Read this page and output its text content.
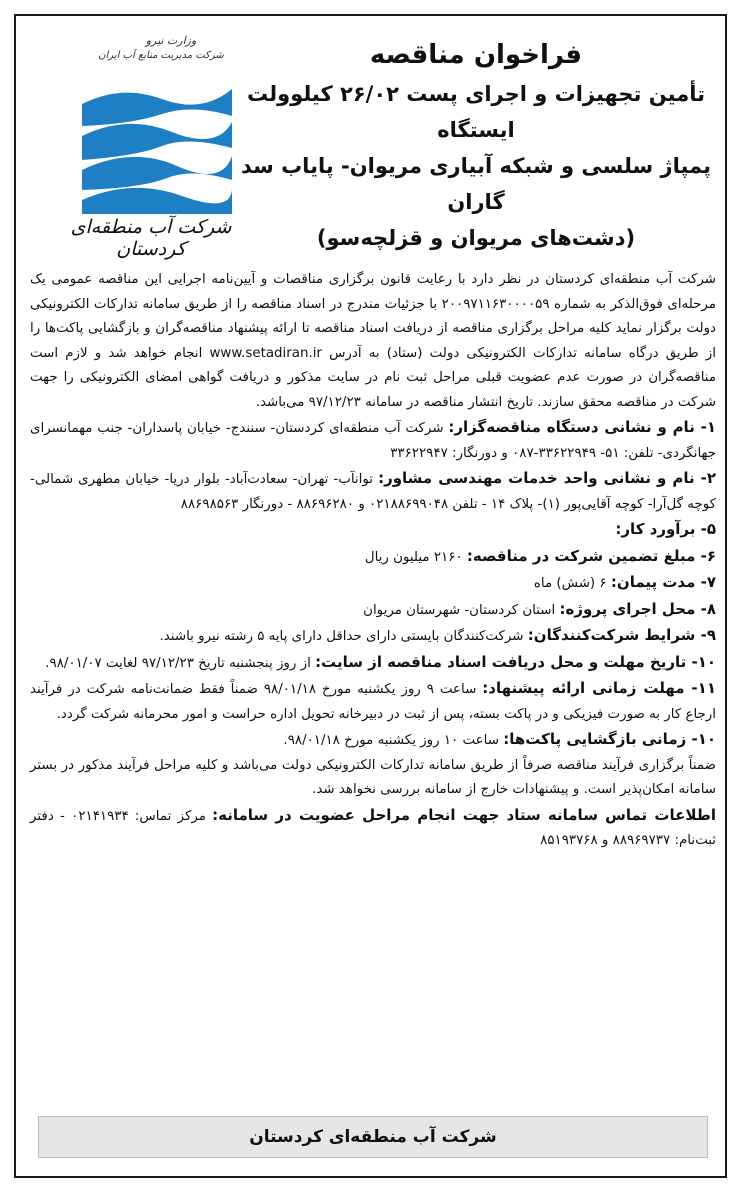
وزارت نیرو
شرکت مدیریت منابع آب ایران
شرکت آب منطقه‌ای کردستان
فراخوان مناقصه
تأمین تجهیزات و اجرای پست ۲۶/۰۲ کیلوولت ایستگاه
پمپاژ سلسی و شبکه آبیاری مریوان- پایاب سد گاران
(دشت‌های مریوان و قزلچه‌سو)

شرکت آب منطقه‌ای کردستان در نظر دارد با رعایت قانون برگزاری مناقصات و آیین‌نامه اجرایی این مناقصه عمومی یک مرحله‌ای فوق‌الذکر به شماره ۲۰۰۹۷۱۱۶۳۰۰۰۰۵۹ با جزئیات مندرج در اسناد مناقصه را از طریق سامانه تدارکات الکترونیکی دولت برگزار نماید کلیه مراحل برگزاری مناقصه از دریافت اسناد مناقصه تا ارائه پیشنهاد مناقصه‌گران و بازگشایی پاکت‌ها را از طریق درگاه سامانه تدارکات الکترونیکی دولت (ستاد) به آدرس www.setadiran.ir انجام خواهد شد و لازم است مناقصه‌گران در صورت عدم عضویت قبلی مراحل ثبت نام در سایت مذکور و دریافت گواهی امضای الکترونیکی را جهت شرکت در مناقصه محقق سازند. تاریخ انتشار مناقصه در سامانه ۹۷/۱۲/۲۳ می‌باشد.

۱- نام و نشانی دستگاه مناقصه‌گزار: شرکت آب منطقه‌ای کردستان- سنندج- خیابان پاسداران- جنب مهمانسرای جهانگردی- تلفن: ۵۱- ۳۳۶۲۲۹۴۹-۰۸۷ و دورنگار: ۳۳۶۲۲۹۴۷

۲- نام و نشانی واحد خدمات مهندسی مشاور: توانآب- تهران- سعادت‌آباد- بلوار دریا- خیابان مطهری شمالی- کوچه گل‌آرا- کوچه آقایی‌پور (۱)- پلاک ۱۴ - تلفن ۰۲۱۸۸۶۹۹۰۴۸ و ۸۸۶۹۶۲۸۰ - دورنگار ۸۸۶۹۸۵۶۳

۵- برآورد کار:

۶- مبلغ تضمین شرکت در مناقصه: ۲۱۶۰ میلیون ریال

۷- مدت پیمان: ۶ (شش) ماه

۸- محل اجرای پروژه: استان کردستان- شهرستان مریوان

۹- شرایط شرکت‌کنندگان: شرکت‌کنندگان بایستی دارای حداقل دارای پایه ۵ رشته نیرو باشند.

۱۰- تاریخ مهلت و محل دریافت اسناد مناقصه از سایت: از روز پنجشنبه تاریخ ۹۷/۱۲/۲۳ لغایت ۹۸/۰۱/۰۷.

۱۱- مهلت زمانی ارائه پیشنهاد: ساعت ۹ روز یکشنبه مورخ ۹۸/۰۱/۱۸ ضمناً فقط ضمانت‌نامه شرکت در فرآیند ارجاع کار به صورت فیزیکی و در پاکت بسته، پس از ثبت در دبیرخانه تحویل اداره حراست و امور محرمانه شرکت گردد.

۱۰- زمانی بازگشایی پاکت‌ها: ساعت ۱۰ روز یکشنبه مورخ ۹۸/۰۱/۱۸.

ضمناً برگزاری فرآیند مناقصه صرفاً از طریق سامانه تدارکات الکترونیکی دولت می‌باشد و کلیه مراحل فرآیند مذکور در بستر سامانه امکان‌پذیر است. و پیشنهادات خارج از سامانه بررسی نخواهد شد.

اطلاعات تماس سامانه ستاد جهت انجام مراحل عضویت در سامانه: مرکز تماس: ۰۲۱۴۱۹۳۴ - دفتر ثبت‌نام: ۸۸۹۶۹۷۳۷ و ۸۵۱۹۳۷۶۸

شرکت آب منطقه‌ای کردستان
